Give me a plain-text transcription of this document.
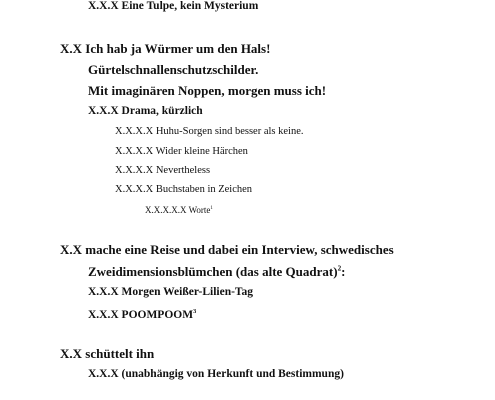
X.X.X Eine Tulpe, kein Mysterium
X.X Ich hab ja Würmer um den Hals!
Gürtelschnallenschutzschilder.
Mit imaginären Noppen, morgen muss ich!
X.X.X Drama, kürzlich
X.X.X.X Huhu-Sorgen sind besser als keine.
X.X.X.X Wider kleine Härchen
X.X.X.X Nevertheless
X.X.X.X Buchstaben in Zeichen
X.X.X.X.X Worte$^1$
X.X mache eine Reise und dabei ein Interview, schwedisches
Zweidimensionsblümchen (das alte Quadrat)$^2$:
X.X.X Morgen Weißer-Lilien-Tag
X.X.X POOMPOOM$^3$
X.X schüttelt ihn
X.X.X (unabhängig von Herkunft und Bestimmung)
